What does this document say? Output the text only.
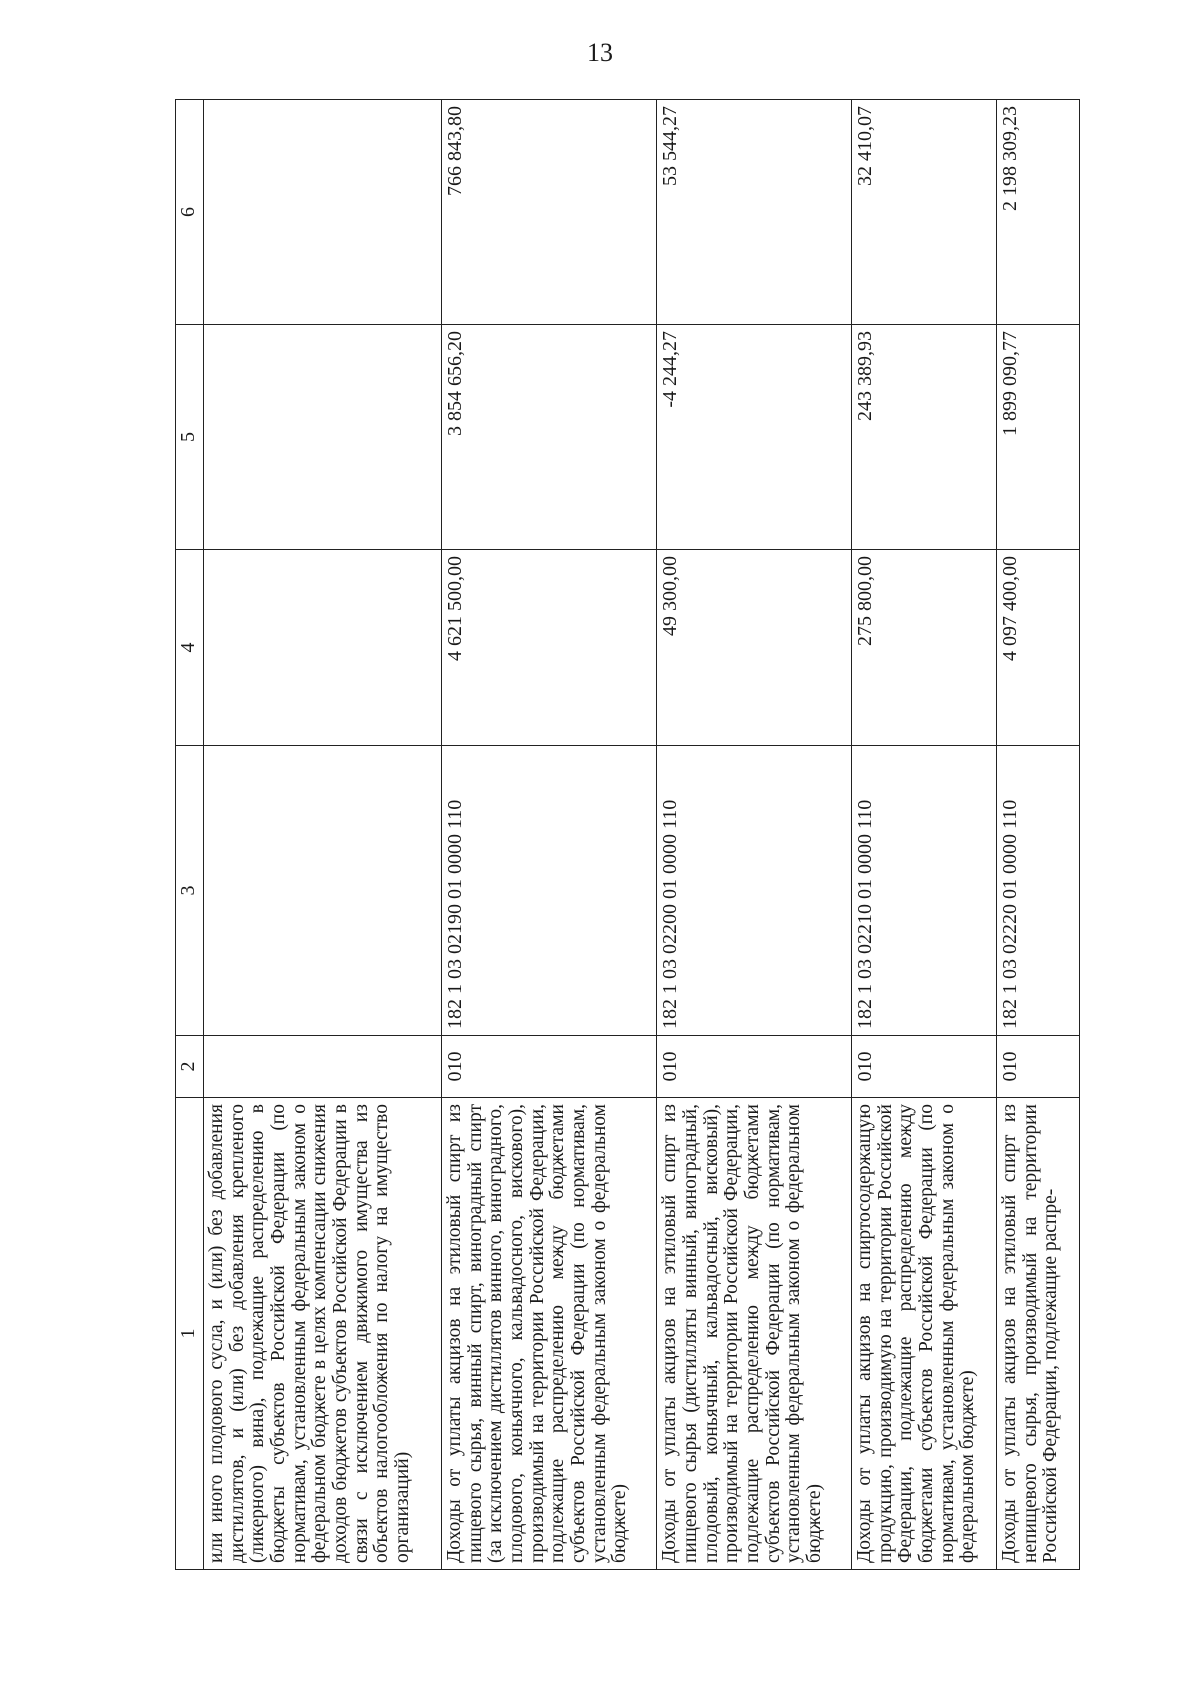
13
1	2	3	4	5	6
или иного плодового сусла, и (или) без добавления дистиллятов, и (или) без добавления крепленого (ликерного) вина), подлежащие распределению в бюджеты субъектов Российской Федерации (по нормативам, установленным федеральным законом о федеральном бюджете в целях компенсации снижения доходов бюджетов субъектов Российской Федерации в связи с исключением движимого имущества из объектов налогообложения по налогу на имущество организаций)					
Доходы от уплаты акцизов на этиловый спирт из пищевого сырья, винный спирт, виноградный спирт (за исключением дистиллятов винного, виноградного, плодового, коньячного, кальвадосного, вискового), производимый на территории Российской Федерации, подлежащие распределению между бюджетами субъектов Российской Федерации (по нормативам, установленным федеральным законом о федеральном бюджете)	010	182 1 03 02190 01 0000 110	4 621 500,00	3 854 656,20	766 843,80
Доходы от уплаты акцизов на этиловый спирт из пищевого сырья (дистилляты винный, виноградный, плодовый, коньячный, кальвадосный, висковый), производимый на территории Российской Федерации, подлежащие распределению между бюджетами субъектов Российской Федерации (по нормативам, установленным федеральным законом о федеральном бюджете)	010	182 1 03 02200 01 0000 110	49 300,00	-4 244,27	53 544,27
Доходы от уплаты акцизов на спиртосодержащую продукцию, производимую на территории Российской Федерации, подлежащие распределению между бюджетами субъектов Российской Федерации (по нормативам, установленным федеральным законом о федеральном бюджете)	010	182 1 03 02210 01 0000 110	275 800,00	243 389,93	32 410,07
Доходы от уплаты акцизов на этиловый спирт из непищевого сырья, производимый на территории Российской Федерации, подлежащие распре-	010	182 1 03 02220 01 0000 110	4 097 400,00	1 899 090,77	2 198 309,23
